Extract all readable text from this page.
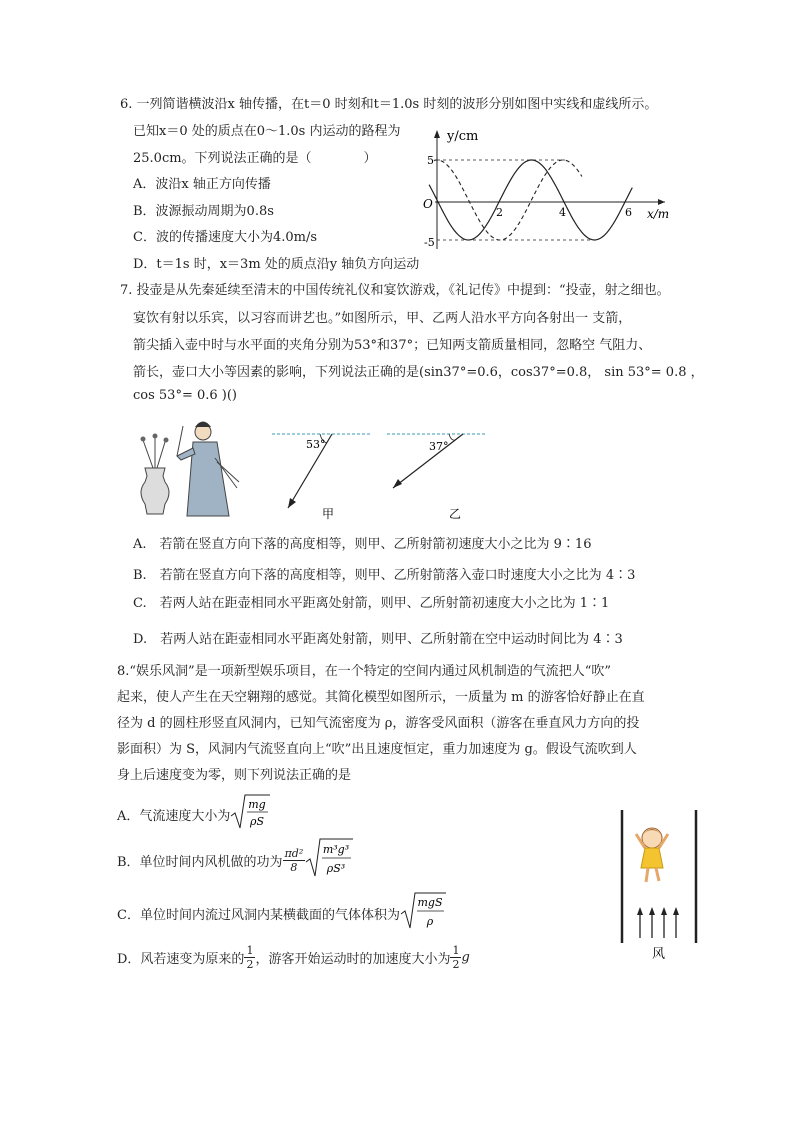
6. 一列简谐横波沿x 轴传播，在t＝0 时刻和t＝1.0s 时刻的波形分别如图中实线和虚线所示。
已知x＝0 处的质点在0～1.0s 内运动的路程为
25.0cm。下列说法正确的是（　　　　）
A．波沿x 轴正方向传播
B．波源振动周期为0.8s
C．波的传播速度大小为4.0m/s
D．t＝1s 时，x＝3m 处的质点沿y 轴负方向运动
y/cm
x/m
O
5
-5
2	4	6
7. 投壶是从先秦延续至清末的中国传统礼仪和宴饮游戏，《礼记传》中提到：“投壶，射之细也。
宴饮有射以乐宾，以习容而讲艺也。”如图所示，甲、乙两人沿水平方向各射出一 支箭，
箭尖插入壶中时与水平面的夹角分别为53°和37°；已知两支箭质量相同，忽略空 气阻力、
箭长，壶口大小等因素的影响，下列说法正确的是(sin37°=0.6，cos37°=0.8， sin 53°= 0.8 ，
cos 53°= 0.6 )()
53°
甲
37°
乙
A.　若箭在竖直方向下落的高度相等，则甲、乙所射箭初速度大小之比为 9∶16
B.　若箭在竖直方向下落的高度相等，则甲、乙所射箭落入壶口时速度大小之比为 4∶3
C.　若两人站在距壶相同水平距离处射箭，则甲、乙所射箭初速度大小之比为 1∶1
D.　若两人站在距壶相同水平距离处射箭，则甲、乙所射箭在空中运动时间比为 4∶3
8.“娱乐风洞”是一项新型娱乐项目，在一个特定的空间内通过风机制造的气流把人“吹”
起来，使人产生在天空翱翔的感觉。其简化模型如图所示，一质量为 m 的游客恰好静止在直
径为 d 的圆柱形竖直风洞内，已知气流密度为 ρ，游客受风面积（游客在垂直风力方向的投
影面积）为 S，风洞内气流竖直向上“吹”出且速度恒定，重力加速度为 g。假设气流吹到人
身上后速度变为零，则下列说法正确的是
A．气流速度大小为
mg
ρS
B．单位时间内风机做的功为 $\frac{\text{πd²}}{8} m^3g^3$
ρS³
C．单位时间内流过风洞内某横截面的气体体积为
mgS
ρ
D．风若速变为原来的 $\frac{1}{2}$ ，游客开始运动时的加速度大小为 $\frac{1}{2}$ g	风
